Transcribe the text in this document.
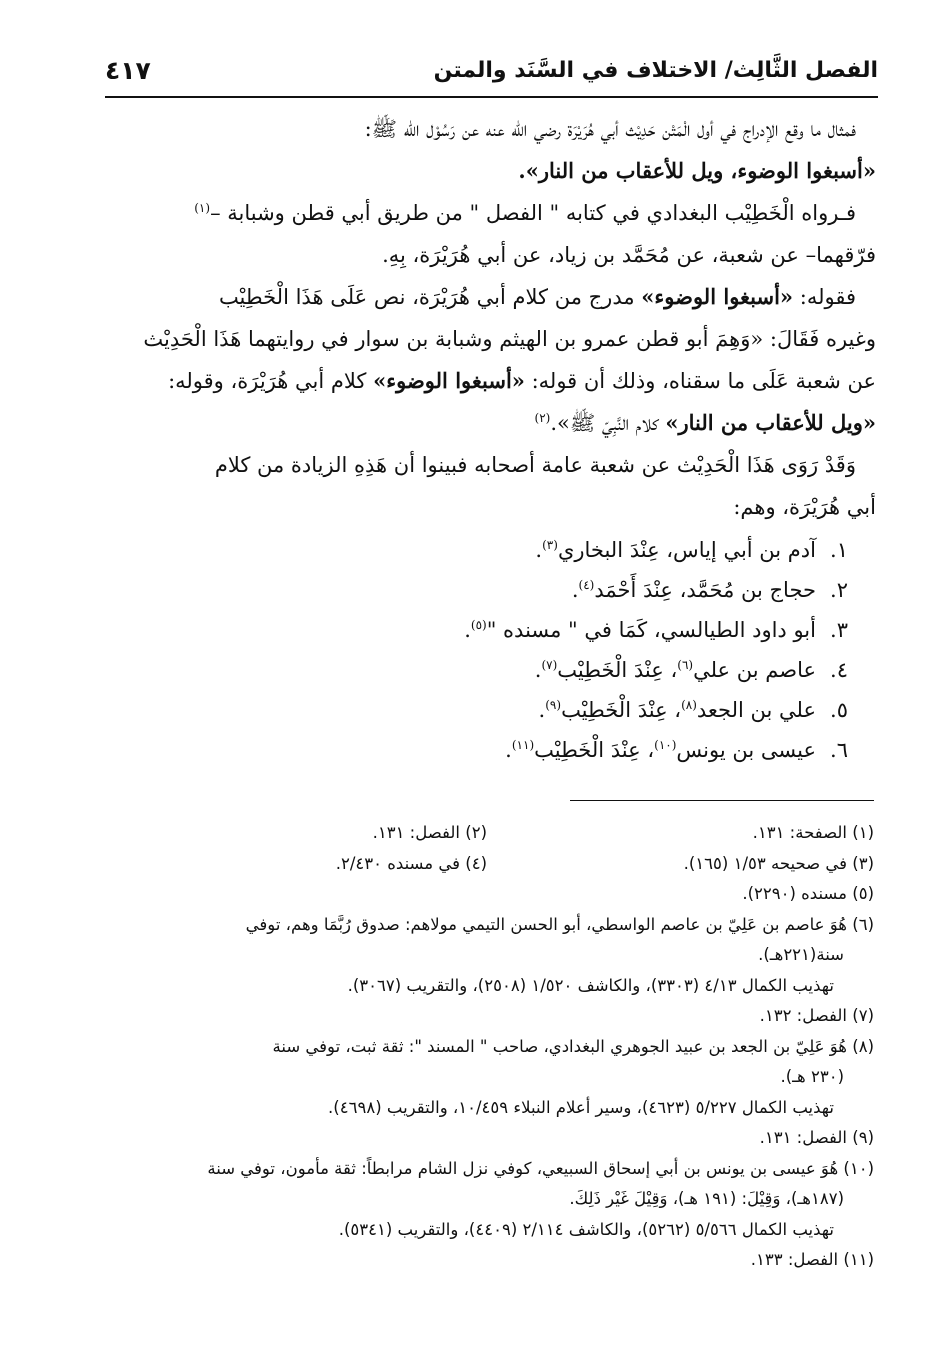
٤١٧	الفصل الثَّالِث/ الاختلاف في السَّنَد والمتن
فمثال ما وقع الإدراج في أول الْمَتْن حَدِيْث أبي هُرَيْرَة رضي الله عنه عن رَسُوْل الله ﷺ:
«أسبغوا الوضوء، ويل للأعقاب من النار».
فـرواه الْخَطِيْب البغدادي في كتابه " الفصل " من طريق أبي قطن وشبابة –$^{(١)}$
فرّقهما– عن شعبة، عن مُحَمَّد بن زياد، عن أبي هُرَيْرَة، بِهِ.
فقوله: «أسبغوا الوضوء» مدرج من كلام أبي هُرَيْرَة، نص عَلَى هَذَا الْخَطِيْب
وغيره فَقَالَ: «وَهِمَ أبو قطن عمرو بن الهيثم وشبابة بن سوار في روايتهما هَذَا الْحَدِيْث
عن شعبة عَلَى ما سقناه، وذلك أن قوله: «أسبغوا الوضوء» كلام أبي هُرَيْرَة، وقوله:
«ويل للأعقاب من النار» كلام النَّبِيّ ﷺ».$^{(٢)}$
وَقَدْ رَوَى هَذَا الْحَدِيْث عن شعبة عامة أصحابه فبينوا أن هَذِهِ الزيادة من كلام
أبي هُرَيْرَة، وهم:
١.
آدم بن أبي إياس، عِنْدَ البخاري$^{(٣)}$.
٢.
حجاج بن مُحَمَّد، عِنْدَ أَحْمَد$^{(٤)}$.
٣.
أبو داود الطيالسي، كَمَا في " مسنده "$^{(٥)}$.
٤.
عاصم بن علي$^{(٦)}$، عِنْدَ الْخَطِيْب$^{(٧)}$.
٥.
علي بن الجعد$^{(٨)}$، عِنْدَ الْخَطِيْب$^{(٩)}$.
٦.
عيسى بن يونس$^{(١٠)}$، عِنْدَ الْخَطِيْب$^{(١١)}$.
(١) الصفحة: ١٣١.
(٢) الفصل: ١٣١.
(٣) في صحيحه ١/٥٣ (١٦٥).
(٤) في مسنده ٢/٤٣٠.
(٥) مسنده (٢٢٩٠).
(٦) هُوَ عاصم بن عَلِيّ بن عاصم الواسطي، أبو الحسن التيمي مولاهم: صدوق رُبَّمَا وهم، توفي
سنة(٢٢١هـ).
تهذيب الكمال ٤/١٣ (٣٣٠٣)، والكاشف ١/٥٢٠ (٢٥٠٨)، والتقريب (٣٠٦٧).
(٧) الفصل: ١٣٢.
(٨) هُوَ عَلِيّ بن الجعد بن عبيد الجوهري البغدادي، صاحب " المسند ": ثقة ثبت، توفي سنة
(٢٣٠ هـ).
تهذيب الكمال ٥/٢٢٧ (٤٦٢٣)، وسير أعلام النبلاء ١٠/٤٥٩، والتقريب (٤٦٩٨).
(٩) الفصل: ١٣١.
(١٠) هُوَ عيسى بن يونس بن أبي إسحاق السبيعي، كوفي نزل الشام مرابطاً: ثقة مأمون، توفي سنة
(١٨٧هـ)، وَقِيْلَ: (١٩١ هـ)، وَقِيْلَ غَيْر ذَلِكَ.
تهذيب الكمال ٥/٥٦٦ (٥٢٦٢)، والكاشف ٢/١١٤ (٤٤٠٩)، والتقريب (٥٣٤١).
(١١) الفصل: ١٣٣.
